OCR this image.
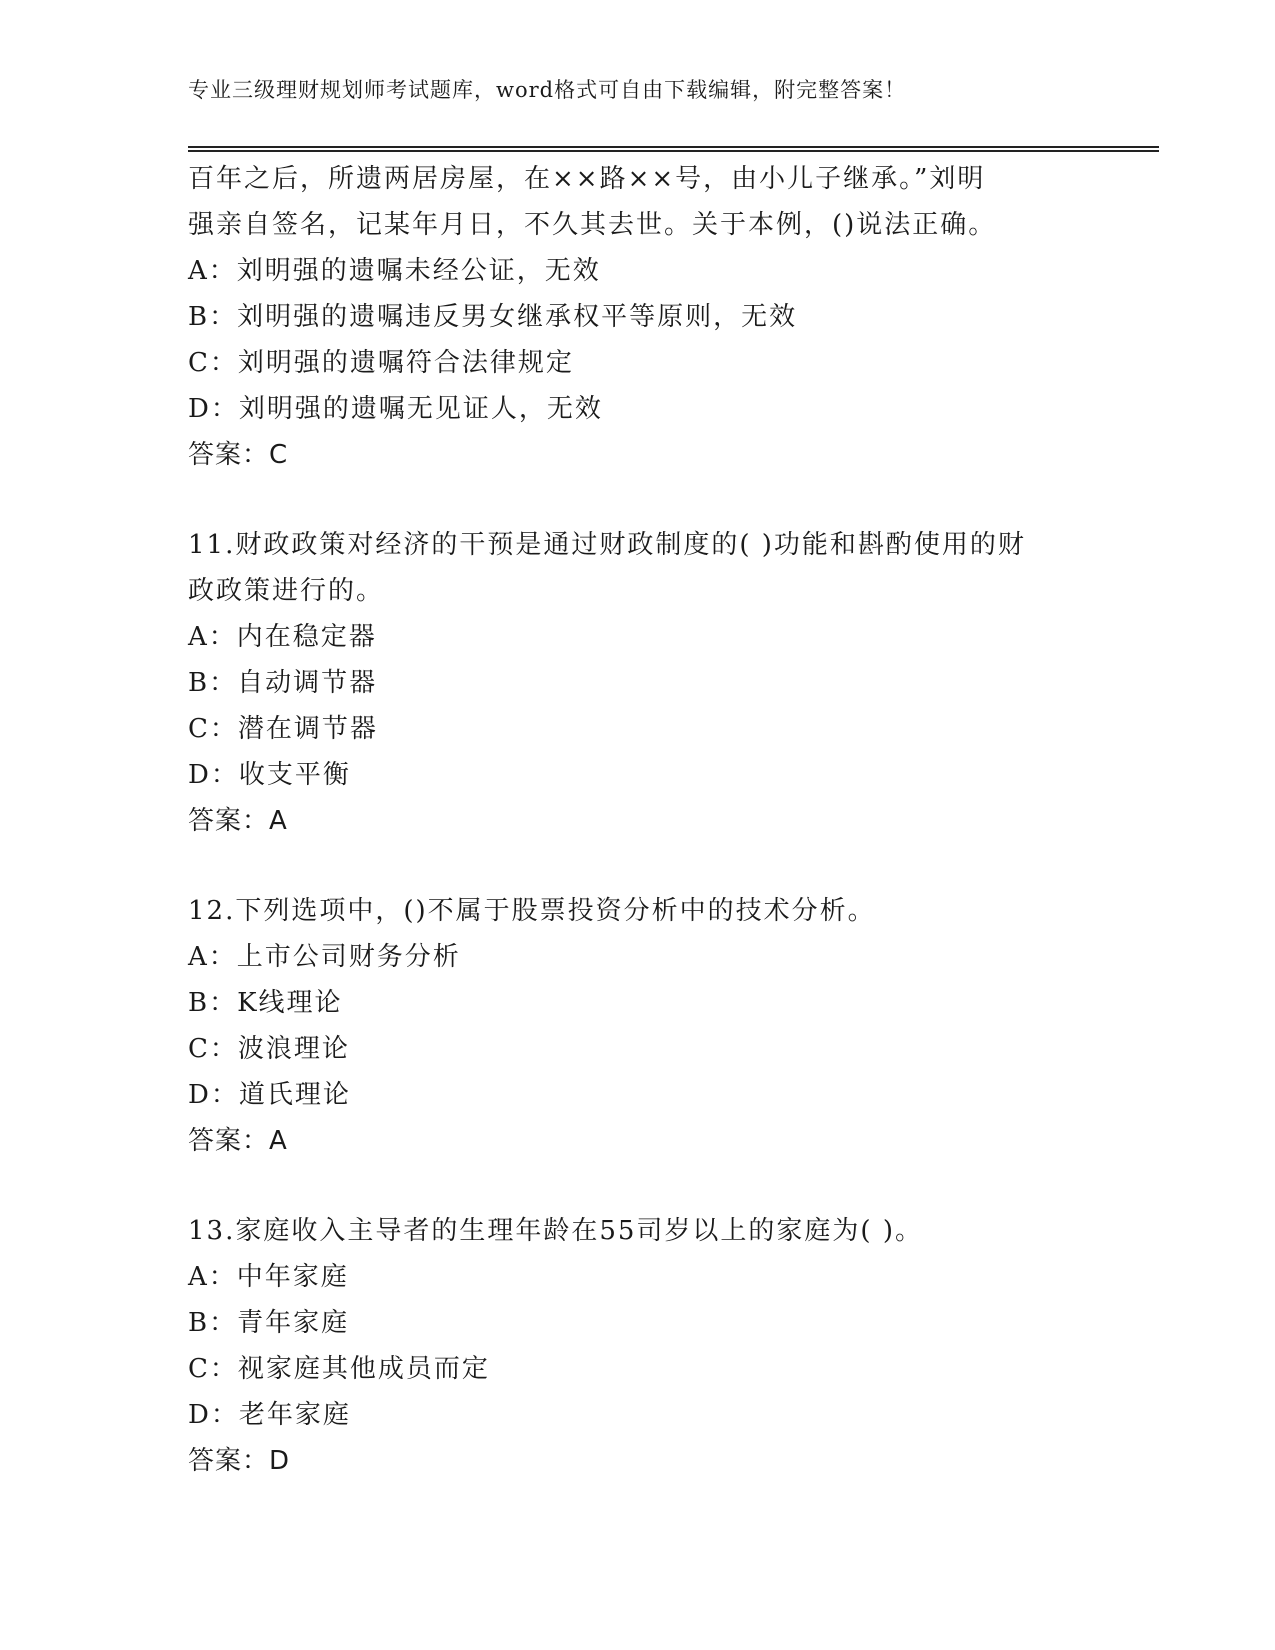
专业三级理财规划师考试题库，word格式可自由下载编辑，附完整答案！
百年之后，所遗两居房屋，在××路××号，由小儿子继承。”刘明
强亲自签名，记某年月日，不久其去世。关于本例，()说法正确。
A：刘明强的遗嘱未经公证，无效
B：刘明强的遗嘱违反男女继承权平等原则，无效
C：刘明强的遗嘱符合法律规定
D：刘明强的遗嘱无见证人，无效
答案：C
11.财政政策对经济的干预是通过财政制度的( )功能和斟酌使用的财
政政策进行的。
A：内在稳定器
B：自动调节器
C：潜在调节器
D：收支平衡
答案：A
12.下列选项中，()不属于股票投资分析中的技术分析。
A：上市公司财务分析
B：K线理论
C：波浪理论
D：道氏理论
答案：A
13.家庭收入主导者的生理年龄在55司岁以上的家庭为( )。
A：中年家庭
B：青年家庭
C：视家庭其他成员而定
D：老年家庭
答案：D
